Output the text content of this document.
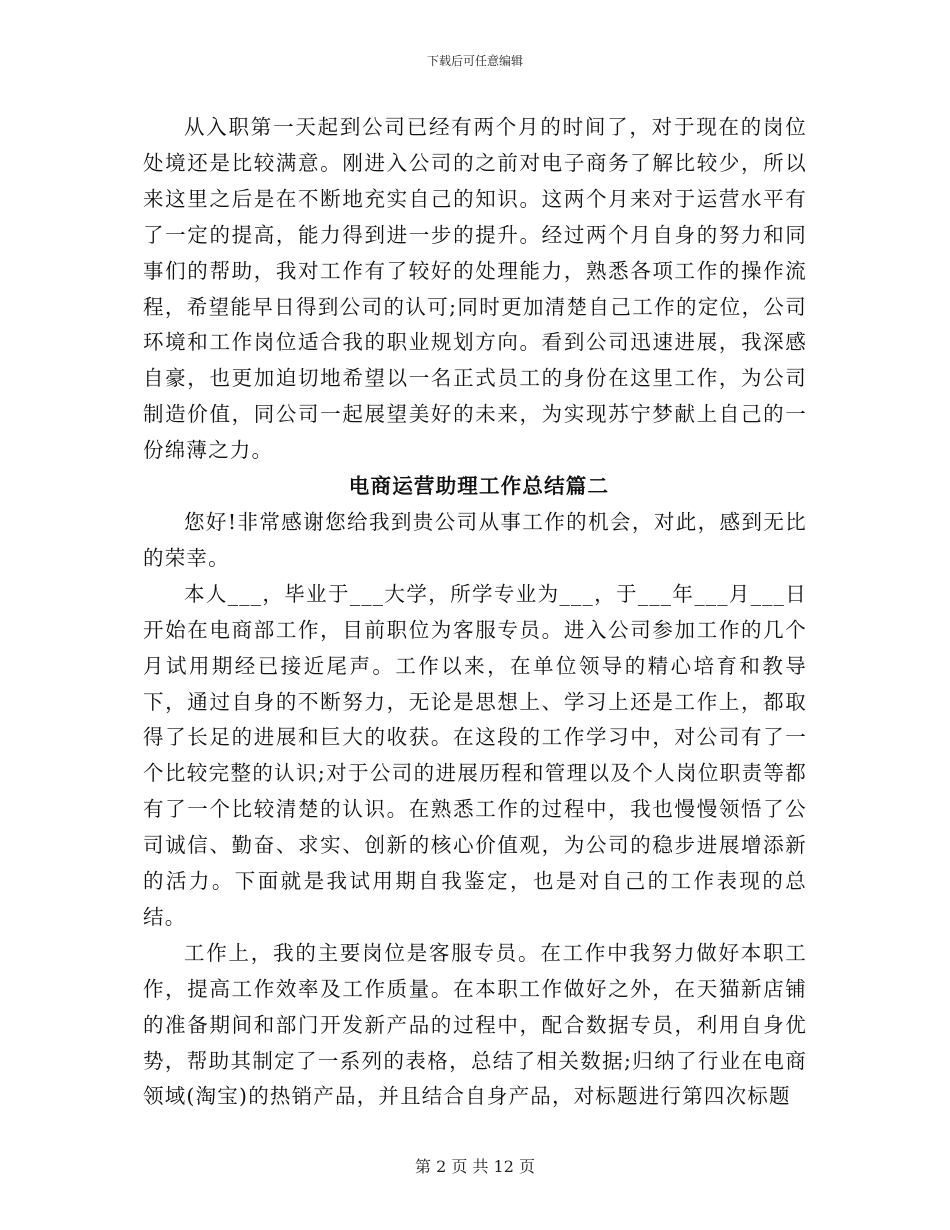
下载后可任意编辑

从入职第一天起到公司已经有两个月的时间了，对于现在的岗位处境还是比较满意。刚进入公司的之前对电子商务了解比较少，所以来这里之后是在不断地充实自己的知识。这两个月来对于运营水平有了一定的提高，能力得到进一步的提升。经过两个月自身的努力和同事们的帮助，我对工作有了较好的处理能力，熟悉各项工作的操作流程，希望能早日得到公司的认可;同时更加清楚自己工作的定位，公司环境和工作岗位适合我的职业规划方向。看到公司迅速进展，我深感自豪，也更加迫切地希望以一名正式员工的身份在这里工作，为公司制造价值，同公司一起展望美好的未来，为实现苏宁梦献上自己的一份绵薄之力。

电商运营助理工作总结篇二

您好!非常感谢您给我到贵公司从事工作的机会，对此，感到无比的荣幸。

本人___，毕业于___大学，所学专业为___，于___年___月___日开始在电商部工作，目前职位为客服专员。进入公司参加工作的几个月试用期经已接近尾声。工作以来，在单位领导的精心培育和教导下，通过自身的不断努力，无论是思想上、学习上还是工作上，都取得了长足的进展和巨大的收获。在这段的工作学习中，对公司有了一个比较完整的认识;对于公司的进展历程和管理以及个人岗位职责等都有了一个比较清楚的认识。在熟悉工作的过程中，我也慢慢领悟了公司诚信、勤奋、求实、创新的核心价值观，为公司的稳步进展增添新的活力。下面就是我试用期自我鉴定，也是对自己的工作表现的总结。

工作上，我的主要岗位是客服专员。在工作中我努力做好本职工作，提高工作效率及工作质量。在本职工作做好之外，在天猫新店铺的准备期间和部门开发新产品的过程中，配合数据专员，利用自身优势，帮助其制定了一系列的表格，总结了相关数据;归纳了行业在电商领域(淘宝)的热销产品，并且结合自身产品，对标题进行第四次标题

第 2 页 共 12 页
